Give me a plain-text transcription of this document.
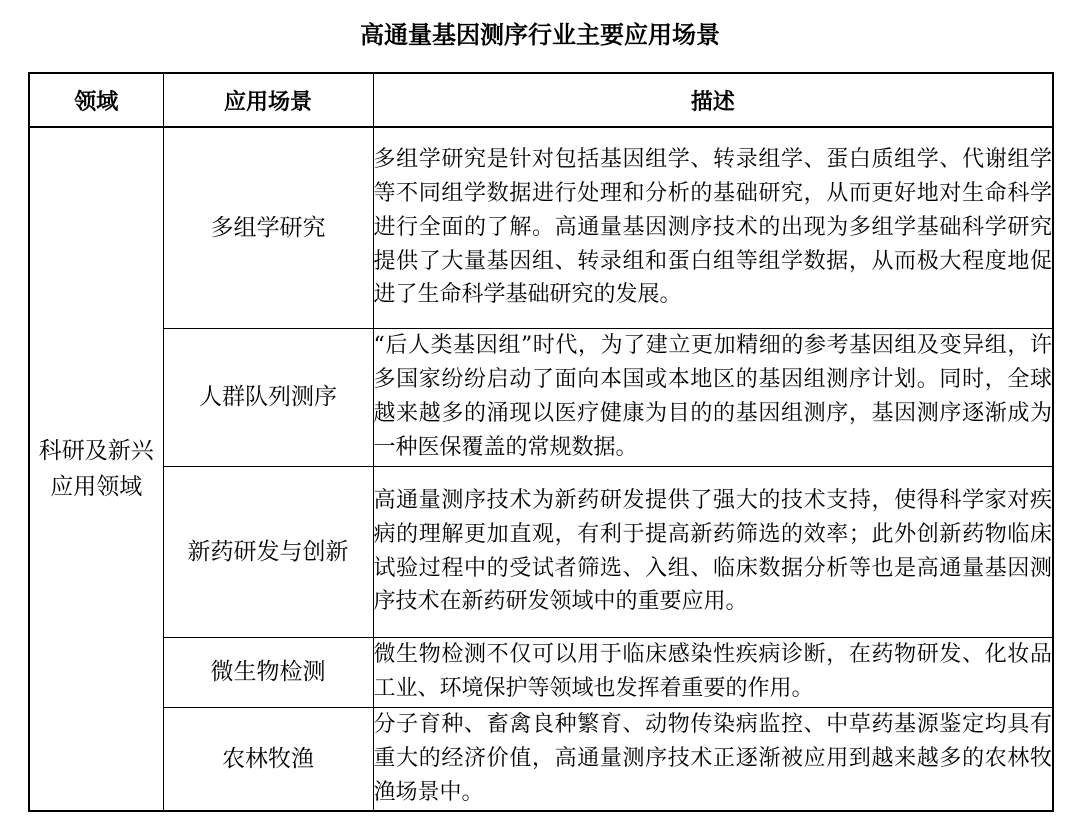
高通量基因测序行业主要应用场景
领域	应用场景	描述
科研及新兴应用领域	多组学研究	多组学研究是针对包括基因组学、转录组学、蛋白质组学、代谢组学等不同组学数据进行处理和分析的基础研究，从而更好地对生命科学进行全面的了解。高通量基因测序技术的出现为多组学基础科学研究提供了大量基因组、转录组和蛋白组等组学数据，从而极大程度地促进了生命科学基础研究的发展。

	人群队列测序	“后人类基因组”时代，为了建立更加精细的参考基因组及变异组，许多国家纷纷启动了面向本国或本地区的基因组测序计划。同时，全球越来越多的涌现以医疗健康为目的的基因组测序，基因测序逐渐成为一种医保覆盖的常规数据。

	新药研发与创新	高通量测序技术为新药研发提供了强大的技术支持，使得科学家对疾病的理解更加直观，有利于提高新药筛选的效率；此外创新药物临床试验过程中的受试者筛选、入组、临床数据分析等也是高通量基因测序技术在新药研发领域中的重要应用。

	微生物检测	微生物检测不仅可以用于临床感染性疾病诊断，在药物研发、化妆品工业、环境保护等领域也发挥着重要的作用。

	农林牧渔	分子育种、畜禽良种繁育、动物传染病监控、中草药基源鉴定均具有重大的经济价值，高通量测序技术正逐渐被应用到越来越多的农林牧渔场景中。
